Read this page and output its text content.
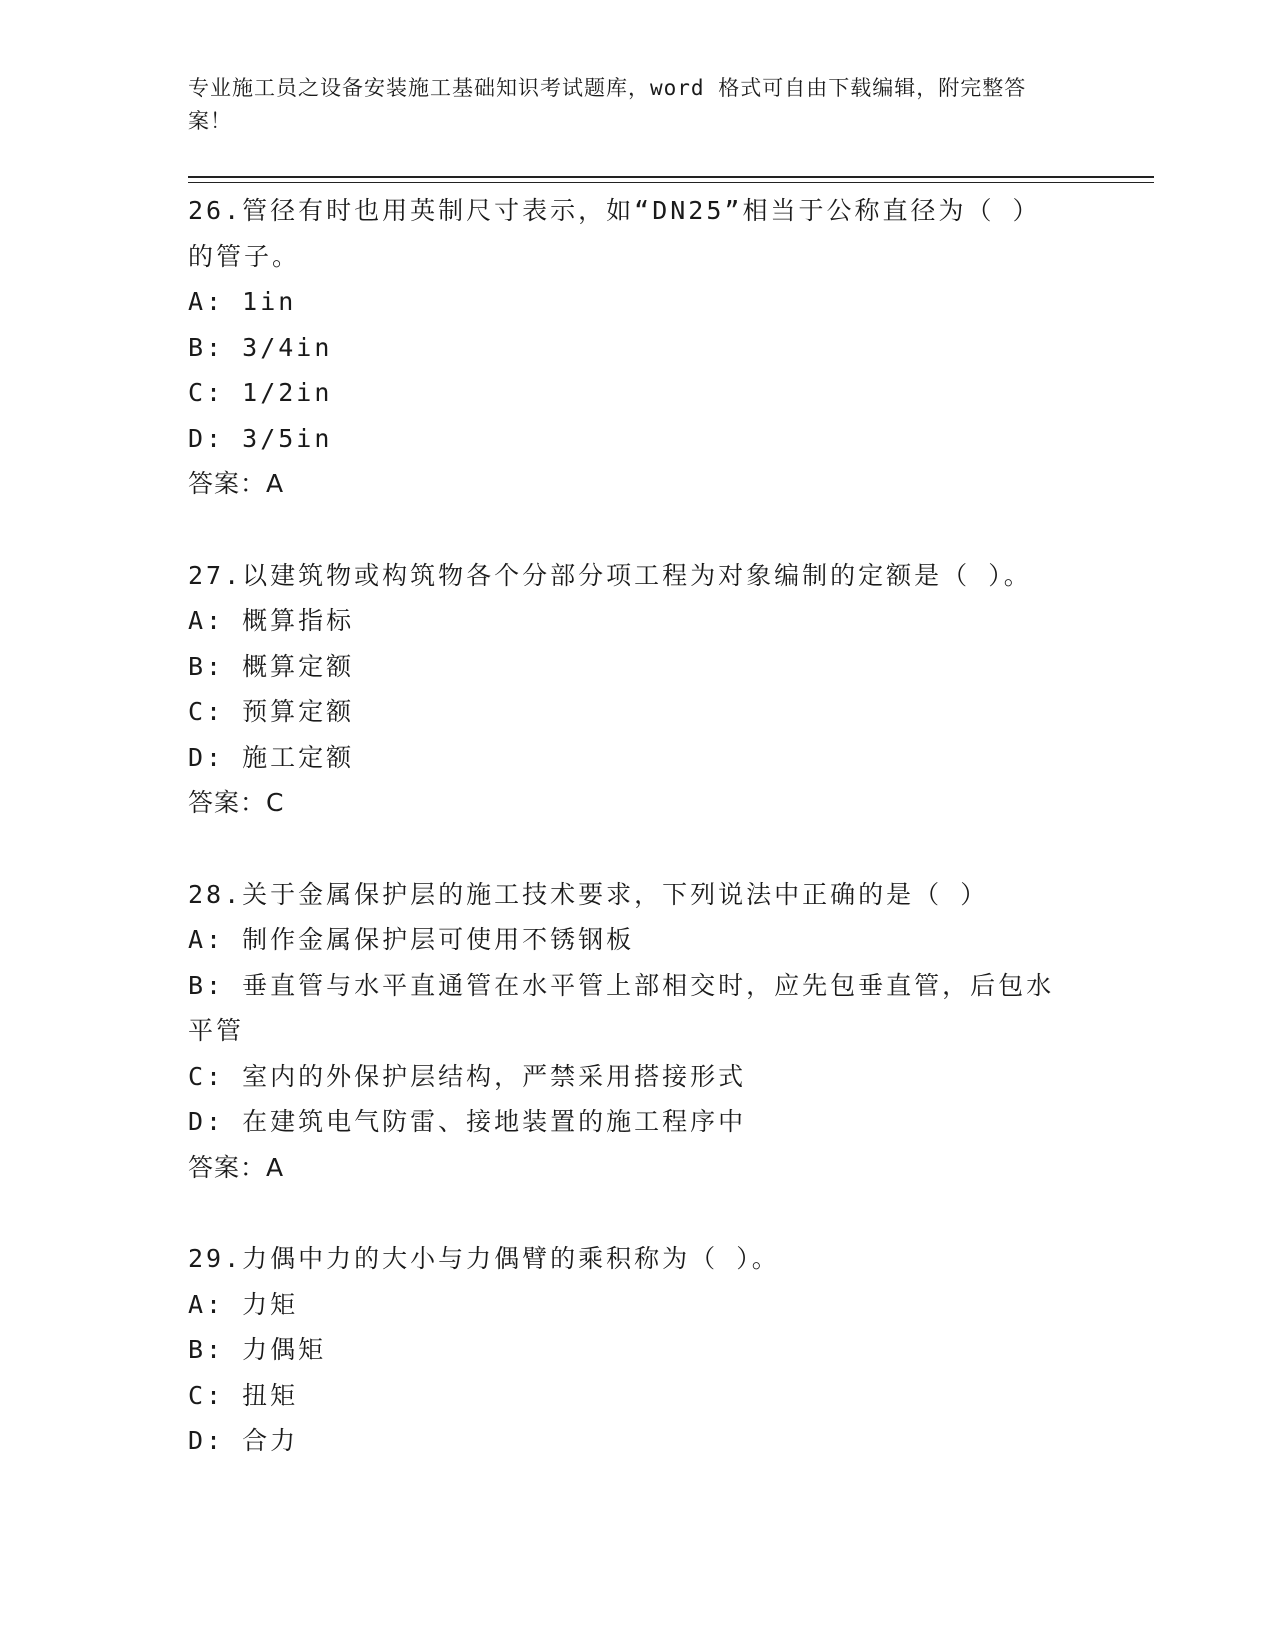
专业施工员之设备安装施工基础知识考试题库，word 格式可自由下载编辑，附完整答案！
26.管径有时也用英制尺寸表示，如“DN25”相当于公称直径为（ ）的管子。
A: 1in
B: 3/4in
C: 1/2in
D: 3/5in
答案：A
27.以建筑物或构筑物各个分部分项工程为对象编制的定额是（ ）。
A: 概算指标
B: 概算定额
C: 预算定额
D: 施工定额
答案：C
28.关于金属保护层的施工技术要求，下列说法中正确的是（ ）
A: 制作金属保护层可使用不锈钢板
B: 垂直管与水平直通管在水平管上部相交时，应先包垂直管，后包水平管
C: 室内的外保护层结构，严禁采用搭接形式
D: 在建筑电气防雷、接地装置的施工程序中
答案：A
29.力偶中力的大小与力偶臂的乘积称为（ ）。
A: 力矩
B: 力偶矩
C: 扭矩
D: 合力
